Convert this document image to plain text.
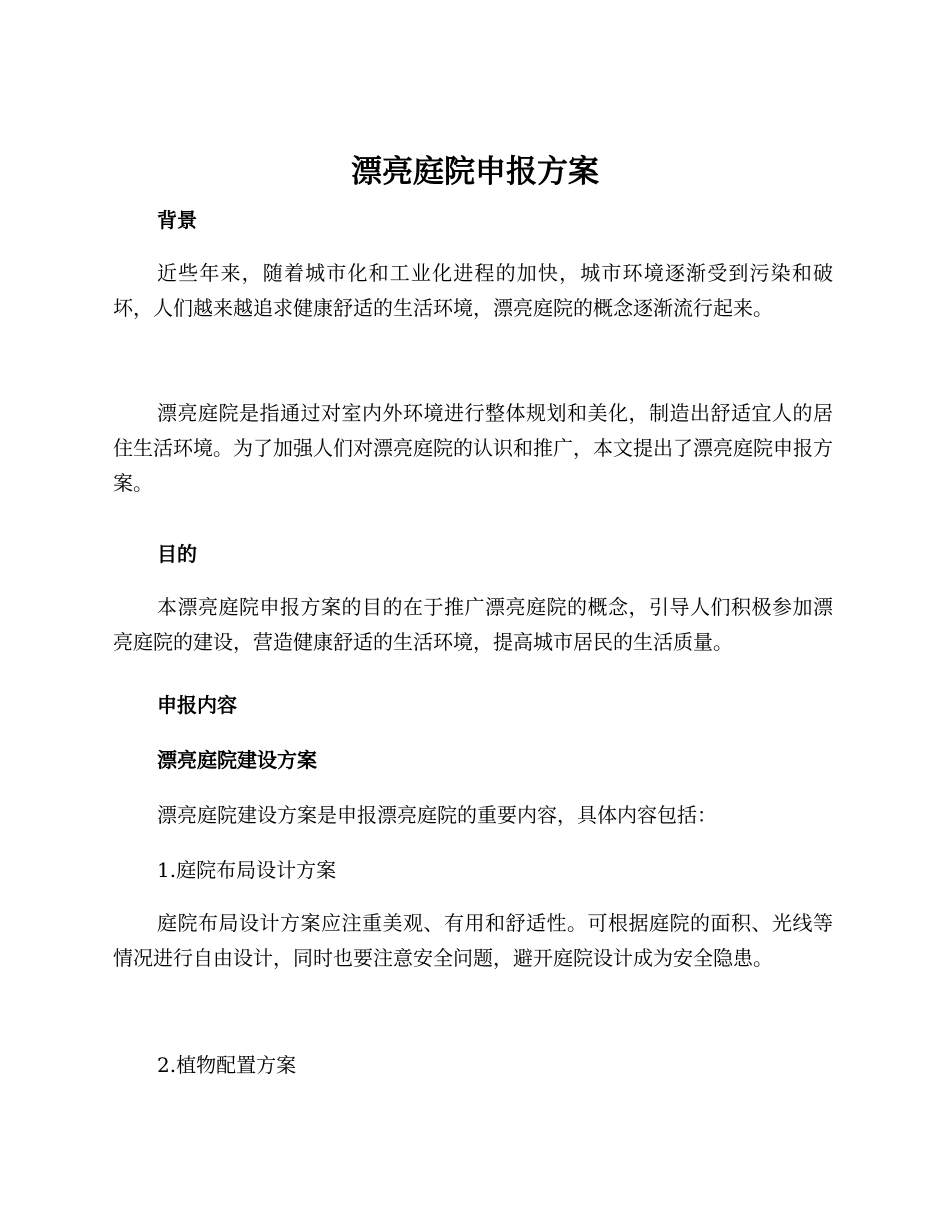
漂亮庭院申报方案
背景
近些年来，随着城市化和工业化进程的加快，城市环境逐渐受到污染和破坏，人们越来越追求健康舒适的生活环境，漂亮庭院的概念逐渐流行起来。
漂亮庭院是指通过对室内外环境进行整体规划和美化，制造出舒适宜人的居住生活环境。为了加强人们对漂亮庭院的认识和推广，本文提出了漂亮庭院申报方案。
目的
本漂亮庭院申报方案的目的在于推广漂亮庭院的概念，引导人们积极参加漂亮庭院的建设，营造健康舒适的生活环境，提高城市居民的生活质量。
申报内容
漂亮庭院建设方案
漂亮庭院建设方案是申报漂亮庭院的重要内容，具体内容包括：
1.庭院布局设计方案
庭院布局设计方案应注重美观、有用和舒适性。可根据庭院的面积、光线等情况进行自由设计，同时也要注意安全问题，避开庭院设计成为安全隐患。
2.植物配置方案
